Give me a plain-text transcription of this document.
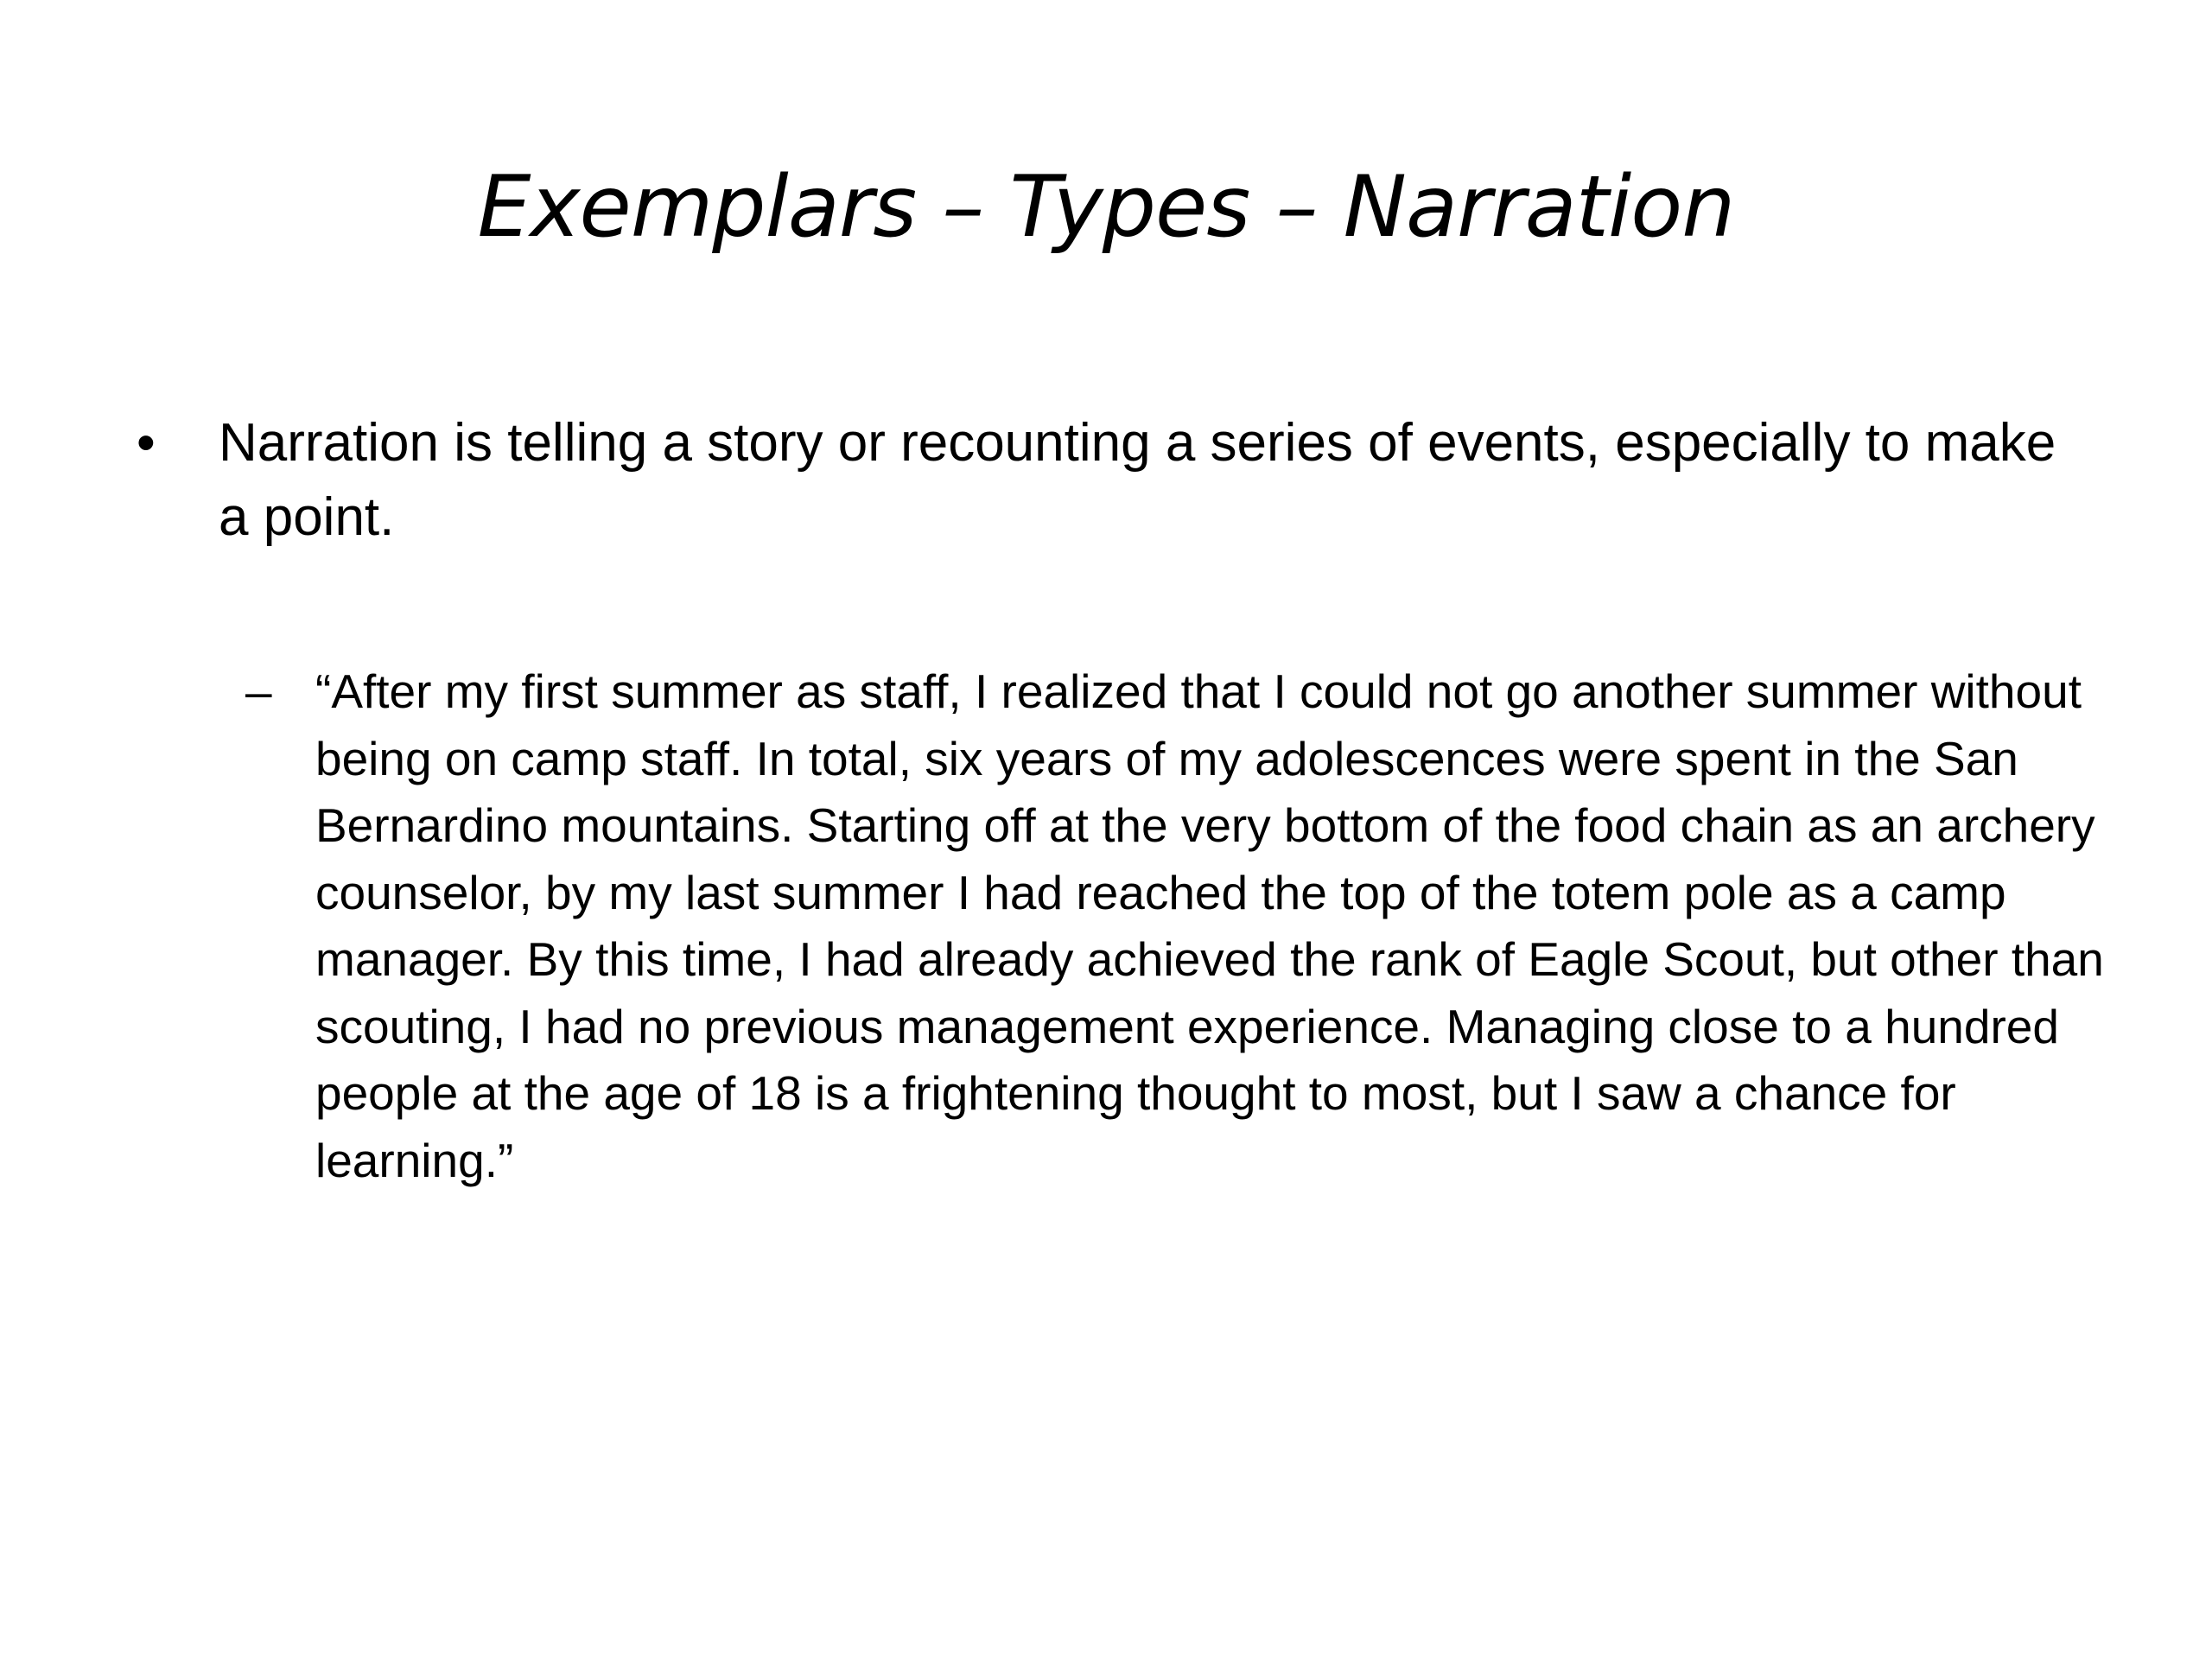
Exemplars – Types – Narration
• Narration is telling a story or recounting a series of events, especially to make a point.
– “After my first summer as staff, I realized that I could not go another summer without being on camp staff. In total, six years of my adolescences were spent in the San Bernardino mountains. Starting off at the very bottom of the food chain as an archery counselor, by my last summer I had reached the top of the totem pole as a camp manager. By this time, I had already achieved the rank of Eagle Scout, but other than scouting, I had no previous management experience. Managing close to a hundred people at the age of 18 is a frightening thought to most, but I saw a chance for learning.”
